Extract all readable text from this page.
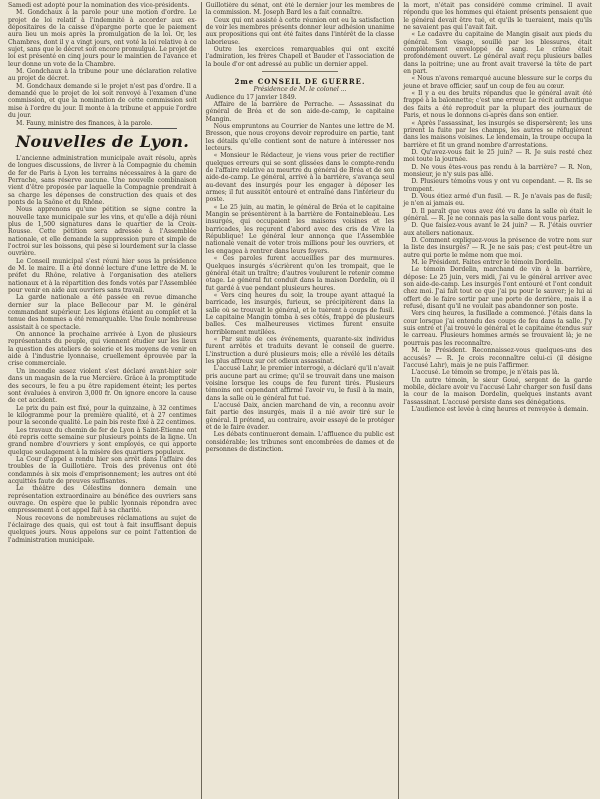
Samedi est adopté pour la nomination des vice-présidents.

M. Gondchaux à la parole pour une motion d'ordre. Le projet de loi relatif à l'indemnité à accorder aux ex-dépositaires de la caisse d'épargne porte que le paiement aura lieu un mois après la promulgation de la loi. Or, les Chambres, dont il y a vingt jours, ont voté la loi relative à ce sujet, sans que le décret soit encore promulgué. Le projet de loi est présenté en cinq jours pour le maintien de l'avance et leur donne un vote de la Chambre.

M. Gondchaux à la tribune pour une déclaration relative au projet de décret.

M. Gondchaux demande si le projet n'est pas d'ordre. Il a demandé que le projet de loi soit renvoyé à l'examen d'une commission, et que la nomination de cette commission soit mise à l'ordre du jour. Il monte à la tribune et appuie l'ordre du jour.

M. Fauny, ministre des finances, à la parole.

Nouvelles de Lyon.

L'ancienne administration municipale avait résolu, après de longues discussions, de livrer à la Compagnie du chemin de fer de Paris à Lyon les terrains nécessaires à la gare de Perrache, sans réserve aucune. Une nouvelle combinaison vient d'être proposée par laquelle la Compagnie prendrait à sa charge les dépenses de construction des quais et des ponts de la Saône et du Rhône.

Nous apprenons qu'une pétition se signe contre la nouvelle taxe municipale sur les vins, et qu'elle a déjà réuni plus de 1,500 signatures dans le quartier de la Croix-Rousse. Cette pétition sera adressée à l'Assemblée nationale, et elle demande la suppression pure et simple de l'octroi sur les boissons, qui pèse si lourdement sur la classe ouvrière.

Le Conseil municipal s'est réuni hier sous la présidence de M. le maire. Il a été donné lecture d'une lettre de M. le préfet du Rhône, relative à l'organisation des ateliers nationaux et à la répartition des fonds votés par l'Assemblée pour venir en aide aux ouvriers sans travail.

La garde nationale a été passée en revue dimanche dernier sur la place Bellecour par M. le général commandant supérieur. Les légions étaient au complet et la tenue des hommes a été remarquable. Une foule nombreuse assistait à ce spectacle.

On annonce la prochaine arrivée à Lyon de plusieurs représentants du peuple, qui viennent étudier sur les lieux la question des ateliers de soierie et les moyens de venir en aide à l'industrie lyonnaise, cruellement éprouvée par la crise commerciale.

Un incendie assez violent s'est déclaré avant-hier soir dans un magasin de la rue Mercière. Grâce à la promptitude des secours, le feu a pu être rapidement éteint; les pertes sont évaluées à environ 3,000 fr. On ignore encore la cause de cet accident.

Le prix du pain est fixé, pour la quinzaine, à 32 centimes le kilogramme pour la première qualité, et à 27 centimes pour la seconde qualité. Le pain bis reste fixé à 22 centimes.

Les travaux du chemin de fer de Lyon à Saint-Étienne ont été repris cette semaine sur plusieurs points de la ligne. Un grand nombre d'ouvriers y sont employés, ce qui apporte quelque soulagement à la misère des quartiers populeux.

La Cour d'appel a rendu hier son arrêt dans l'affaire des troubles de la Guillotière. Trois des prévenus ont été condamnés à six mois d'emprisonnement; les autres ont été acquittés faute de preuves suffisantes.

Le théâtre des Célestins donnera demain une représentation extraordinaire au bénéfice des ouvriers sans ouvrage. On espère que le public lyonnais répondra avec empressement à cet appel fait à sa charité.

Nous recevons de nombreuses réclamations au sujet de l'éclairage des quais, qui est tout à fait insuffisant depuis quelques jours. Nous appelons sur ce point l'attention de l'administration municipale.

Guillotière du sénat, ont été le dernier jour les membres de la commission. M. Joseph Bard les a fait connaître.

Ceux qui ont assisté à cette réunion ont eu la satisfaction de voir les membres présents donner leur adhésion unanime aux propositions qui ont été faites dans l'intérêt de la classe laborieuse.

Outre les exercices remarquables qui ont excité l'admiration, les frères Chapell et Bauder et l'association de la boule d'or ont adressé au public un dernier appel.

2me CONSEIL DE GUERRE.
Présidence de M. le colonel ...

Audience du 17 janvier 1849.

Affaire de la barrière de Perrache. — Assassinat du général de Bréa et de son aide-de-camp, le capitaine Mangin.

Nous empruntons au Courrier de Nantes une lettre de M. Bresson, que nous croyons devoir reproduire en partie, tant les détails qu'elle contient sont de nature à intéresser nos lecteurs.

« Monsieur le Rédacteur, je viens vous prier de rectifier quelques erreurs qui se sont glissées dans le compte-rendu de l'affaire relative au meurtre du général de Bréa et de son aide-de-camp. Le général, arrivé à la barrière, s'avança seul au-devant des insurgés pour les engager à déposer les armes; il fut aussitôt entouré et entraîné dans l'intérieur du poste.

« Le 25 juin, au matin, le général de Bréa et le capitaine Mangin se présentèrent à la barrière de Fontainebleau. Les insurgés, qui occupaient les maisons voisines et les barricades, les reçurent d'abord avec des cris de Vive la République! Le général leur annonça que l'Assemblée nationale venait de voter trois millions pour les ouvriers, et les engagea à rentrer dans leurs foyers.

« Ces paroles furent accueillies par des murmures. Quelques insurgés s'écrièrent qu'on les trompait, que le général était un traître; d'autres voulurent le retenir comme otage. Le général fut conduit dans la maison Dordelin, où il fut gardé à vue pendant plusieurs heures.

« Vers cinq heures du soir, la troupe ayant attaqué la barricade, les insurgés, furieux, se précipitèrent dans la salle où se trouvait le général, et le tuèrent à coups de fusil. Le capitaine Mangin tomba à ses côtés, frappé de plusieurs balles. Ces malheureuses victimes furent ensuite horriblement mutilées.

« Par suite de ces événements, quarante-six individus furent arrêtés et traduits devant le conseil de guerre. L'instruction a duré plusieurs mois; elle a révélé les détails les plus affreux sur cet odieux assassinat.

L'accusé Lahr, le premier interrogé, a déclaré qu'il n'avait pris aucune part au crime; qu'il se trouvait dans une maison voisine lorsque les coups de feu furent tirés. Plusieurs témoins ont cependant affirmé l'avoir vu, le fusil à la main, dans la salle où le général fut tué.

L'accusé Daix, ancien marchand de vin, a reconnu avoir fait partie des insurgés, mais il a nié avoir tiré sur le général. Il prétend, au contraire, avoir essayé de le protéger et de le faire évader.

Les débats continueront demain. L'affluence du public est considérable; les tribunes sont encombrées de dames et de personnes de distinction.

la mort, n'était pas considéré comme criminel. Il avait répondu que les hommes qui étaient présents pensaient que le général devait être tué, et qu'ils le tueraient, mais qu'ils ne savaient pas qui l'avait fait.

« Le cadavre du capitaine de Mangin gisait aux pieds du général. Son visage, souillé par les blessures, était complètement enveloppé de sang. Le crâne était profondément ouvert. Le général avait reçu plusieurs balles dans la poitrine; une au front avait traversé la tête de part en part.

« Nous n'avons remarqué aucune blessure sur le corps du jeune et brave officier, sauf un coup de feu au cœur.

« Il y a eu des bruits répandus que le général avait été frappé à la baïonnette; c'est une erreur. Le récit authentique des faits a été reproduit par la plupart des journaux de Paris, et nous le donnons ci-après dans son entier.

« Après l'assassinat, les insurgés se dispersèrent; les uns prirent la fuite par les champs, les autres se réfugièrent dans les maisons voisines. Le lendemain, la troupe occupa la barrière et fit un grand nombre d'arrestations.

D. Qu'avez-vous fait le 25 juin? — R. Je suis resté chez moi toute la journée.

D. Ne vous êtes-vous pas rendu à la barrière? — R. Non, monsieur, je n'y suis pas allé.

D. Plusieurs témoins vous y ont vu cependant. — R. Ils se trompent.

D. Vous étiez armé d'un fusil. — R. Je n'avais pas de fusil; je n'en ai jamais eu.

D. Il paraît que vous avez été vu dans la salle où était le général. — R. Je ne connais pas la salle dont vous parlez.

D. Que faisiez-vous avant le 24 juin? — R. J'étais ouvrier aux ateliers nationaux.

D. Comment expliquez-vous la présence de votre nom sur la liste des insurgés? — R. Je ne sais pas; c'est peut-être un autre qui porte le même nom que moi.

M. le Président. Faites entrer le témoin Dordelin.

Le témoin Dordelin, marchand de vin à la barrière, dépose: Le 25 juin, vers midi, j'ai vu le général arriver avec son aide-de-camp. Les insurgés l'ont entouré et l'ont conduit chez moi. J'ai fait tout ce que j'ai pu pour le sauver; je lui ai offert de le faire sortir par une porte de derrière, mais il a refusé, disant qu'il ne voulait pas abandonner son poste.

Vers cinq heures, la fusillade a commencé. J'étais dans la cour lorsque j'ai entendu des coups de feu dans la salle. J'y suis entré et j'ai trouvé le général et le capitaine étendus sur le carreau. Plusieurs hommes armés se trouvaient là; je ne pourrais pas les reconnaître.

M. le Président. Reconnaissez-vous quelques-uns des accusés? — R. Je crois reconnaître celui-ci (il désigne l'accusé Lahr), mais je ne puis l'affirmer.

L'accusé. Le témoin se trompe, je n'étais pas là.

Un autre témoin, le sieur Goué, sergent de la garde mobile, déclare avoir vu l'accusé Lahr charger son fusil dans la cour de la maison Dordelin, quelques instants avant l'assassinat. L'accusé persiste dans ses dénégations.

L'audience est levée à cinq heures et renvoyée à demain.
